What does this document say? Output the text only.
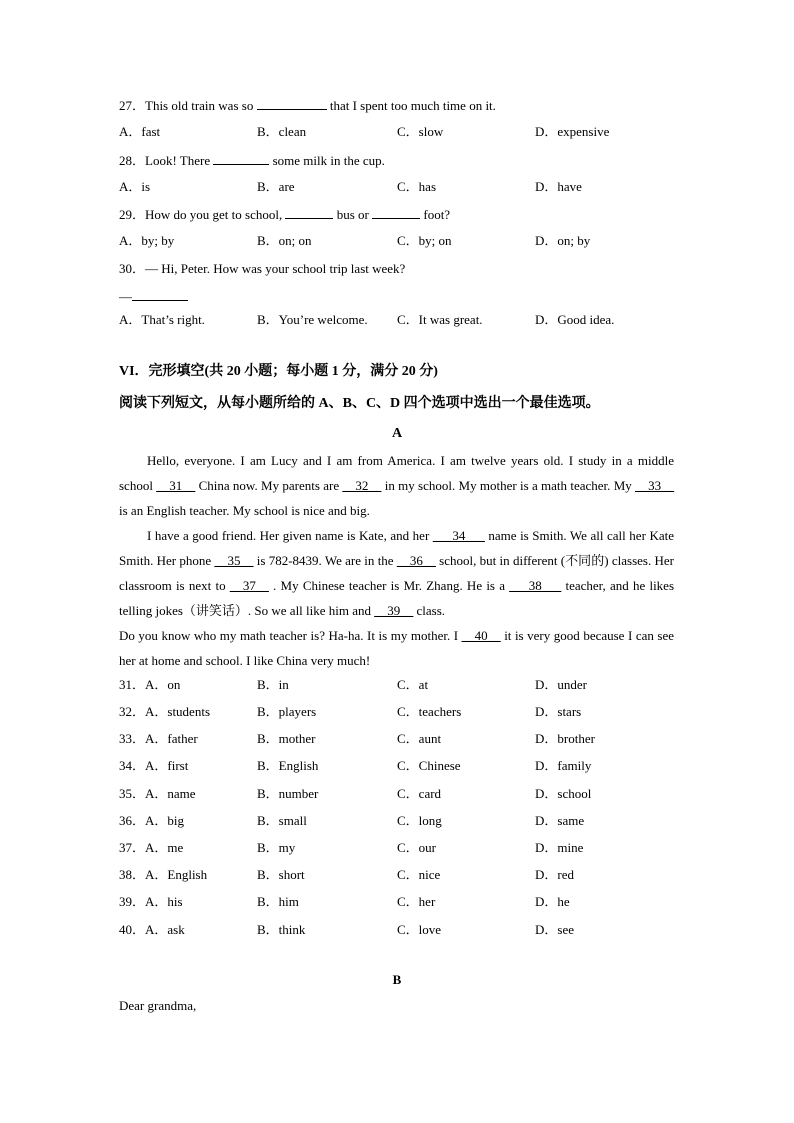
27．This old train was so	that I spent too much time on it.
A．fast	B．clean	C．slow	D．expensive
28．Look! There	some milk in the cup.
A．is	B．are	C．has	D．have
29．How do you get to school,	bus or	foot?
A．by; by	B．on; on	C．by; on	D．on; by
30．— Hi, Peter. How was your school trip last week?
—
A．That’s right.	B．You’re welcome. C．It was great.	D．Good idea.
VI．完形填空(共 20 小题；每小题 1 分，满分 20 分)
阅读下列短文，从每小题所给的 A、B、C、D 四个选项中选出一个最佳选项。
A

Hello, everyone. I am Lucy and I am from America. I am twelve years old. I study in a middle school __31__ China now. My parents are __32__ in my school. My mother is a math teacher. My __33__ is an English teacher. My school is nice and big.

I have a good friend. Her given name is Kate, and her ___34___ name is Smith. We all call her Kate Smith. Her phone __35__ is 782-8439. We are in the __36__ school, but in different (不同的) classes. Her classroom is next to __37__ . My Chinese teacher is Mr. Zhang. He is a ___38___ teacher, and he likes telling jokes（讲笑话）. So we all like him and __39__ class.

Do you know who my math teacher is? Ha-ha. It is my mother. I __40__ it is very good because I can see her at home and school. I like China very much!

31．A．on	B．in	C．at	D．under
32．A．students	B．players	C．teachers	D．stars
33．A．father	B．mother	C．aunt	D．brother
34．A．first	B．English	C．Chinese	D．family
35．A．name	B．number	C．card	D．school
36．A．big	B．small	C．long	D．same
37．A．me	B．my	C．our	D．mine
38．A．English	B．short	C．nice	D．red
39．A．his	B．him	C．her	D．he
40．A．ask	B．think	C．love	D．see
B
Dear grandma,
